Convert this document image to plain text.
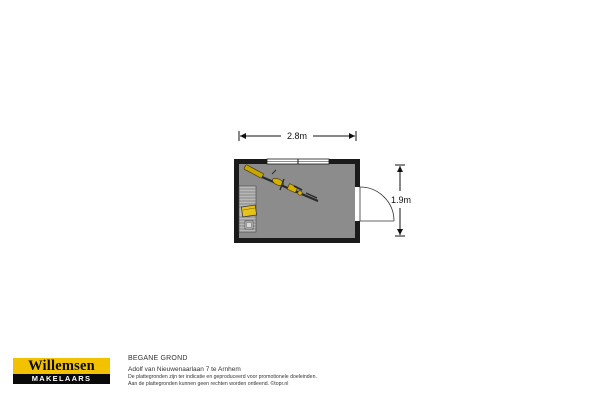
2.8m
1.9m
Willemsen
MAKELAARS
BEGANE GROND
Adolf van Nieuwenaarlaan 7 te Arnhem
De plattegronden zijn ter indicatie en geproduceerd voor promotionele doeleinden.
Aan de plattegronden kunnen geen rechten worden ontleend. ©topr.nl
